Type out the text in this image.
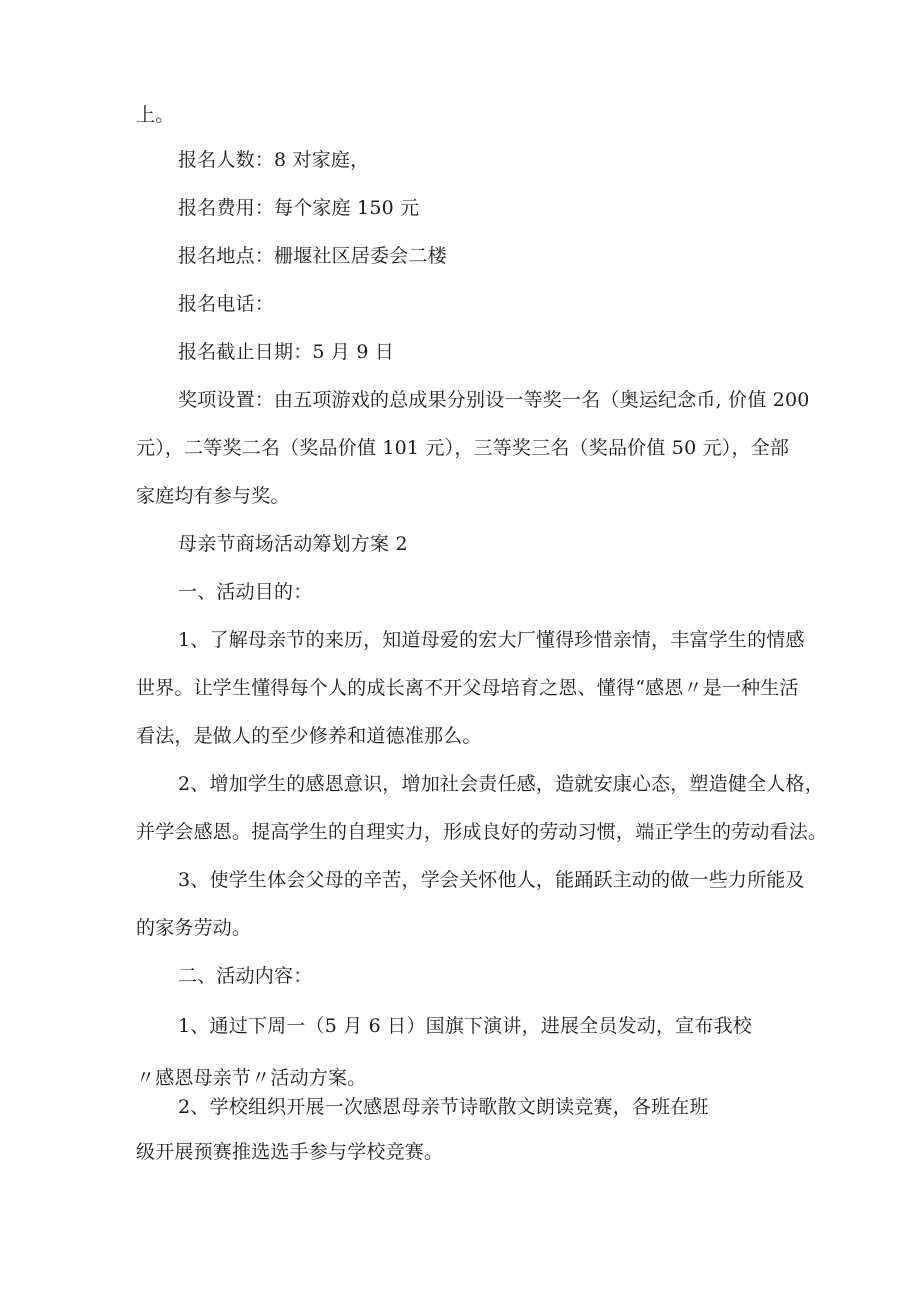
上。
报名人数：8 对家庭，
报名费用：每个家庭 150 元
报名地点：栅堰社区居委会二楼
报名电话：
报名截止日期：5 月 9 日
奖项设置：由五项游戏的总成果分别设一等奖一名（奥运纪念币, 价值 200
元），二等奖二名（奖品价值 101 元），三等奖三名（奖品价值 50 元），全部
家庭均有参与奖。
母亲节商场活动筹划方案 2
一、活动目的：
1、了解母亲节的来历，知道母爱的宏大厂懂得珍惜亲情，丰富学生的情感
世界。让学生懂得每个人的成长离不开父母培育之恩、懂得“感恩〃是一种生活
看法，是做人的至少修养和道德准那么。
2、增加学生的感恩意识，增加社会责任感，造就安康心态，塑造健全人格，
并学会感恩。提高学生的自理实力，形成良好的劳动习惯，端正学生的劳动看法。
3、使学生体会父母的辛苦，学会关怀他人，能踊跃主动的做一些力所能及
的家务劳动。
二、活动内容：
1、通过下周一（5 月 6 日）国旗下演讲，进展全员发动，宣布我校
〃感恩母亲节〃活动方案。
2、学校组织开展一次感恩母亲节诗歌散文朗读竞赛，各班在班
级开展预赛推选选手参与学校竞赛。
